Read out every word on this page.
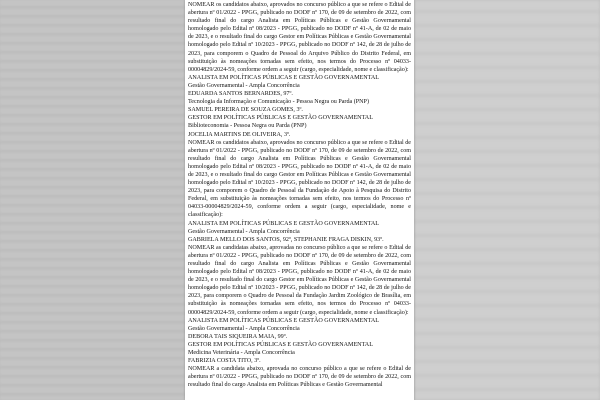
NOMEAR os candidatos abaixo, aprovados no concurso público a que se refere o Edital de abertura nº 01/2022 - PPGG, publicado no DODF nº 170, de 09 de setembro de 2022, com resultado final do cargo Analista em Políticas Públicas e Gestão Governamental homologado pelo Edital nº 08/2023 - PPGG, publicado no DODF nº 41-A, de 02 de maio de 2023, e o resultado final do cargo Gestor em Políticas Públicas e Gestão Governamental homologado pelo Edital nº 10/2023 - PPGG, publicado no DODF nº 142, de 28 de julho de 2023, para comporem o Quadro de Pessoal do Arquivo Público do Distrito Federal, em substituição às nomeações tornadas sem efeito, nos termos do Processo nº 04033-00004829/2024-59, conforme ordem a seguir (cargo, especialidade, nome e classificação):

ANALISTA EM POLÍTICAS PÚBLICAS E GESTÃO GOVERNAMENTAL

Gestão Governamental - Ampla Concorrência

EDUARDA SANTOS BERNARDES, 97º.

Tecnologia da Informação e Comunicação - Pessoa Negra ou Parda (PNP)

SAMUEL PEREIRA DE SOUZA GOMES, 3º.

GESTOR EM POLÍTICAS PÚBLICAS E GESTÃO GOVERNAMENTAL

Biblioteconomia - Pessoa Negra ou Parda (PNP)

JOCELIA MARTINS DE OLIVEIRA, 3º.

NOMEAR os candidatos abaixo, aprovados no concurso público a que se refere o Edital de abertura nº 01/2022 - PPGG, publicado no DODF nº 170, de 09 de setembro de 2022, com resultado final do cargo Analista em Políticas Públicas e Gestão Governamental homologado pelo Edital nº 08/2023 - PPGG, publicado no DODF nº 41-A, de 02 de maio de 2023, e o resultado final do cargo Gestor em Políticas Públicas e Gestão Governamental homologado pelo Edital nº 10/2023 - PPGG, publicado no DODF nº 142, de 28 de julho de 2023, para comporem o Quadro de Pessoal da Fundação de Apoio à Pesquisa do Distrito Federal, em substituição às nomeações tornadas sem efeito, nos termos do Processo nº 04033-00004829/2024-59, conforme ordem a seguir (cargo, especialidade, nome e classificação):

ANALISTA EM POLÍTICAS PÚBLICAS E GESTÃO GOVERNAMENTAL

Gestão Governamental - Ampla Concorrência

GABRIELA MELLO DOS SANTOS, 92º, STEPHANIE FRAGA DISKIN, 93º.

NOMEAR as candidatas abaixo, aprovadas no concurso público a que se refere o Edital de abertura nº 01/2022 - PPGG, publicado no DODF nº 170, de 09 de setembro de 2022, com resultado final do cargo Analista em Políticas Públicas e Gestão Governamental homologado pelo Edital nº 08/2023 - PPGG, publicado no DODF nº 41-A, de 02 de maio de 2023, e o resultado final do cargo Gestor em Políticas Públicas e Gestão Governamental homologado pelo Edital nº 10/2023 - PPGG, publicado no DODF nº 142, de 28 de julho de 2023, para comporem o Quadro de Pessoal da Fundação Jardim Zoológico de Brasília, em substituição às nomeações tornadas sem efeito, nos termos do Processo nº 04033-00004829/2024-59, conforme ordem a seguir (cargo, especialidade, nome e classificação):

ANALISTA EM POLÍTICAS PÚBLICAS E GESTÃO GOVERNAMENTAL

Gestão Governamental - Ampla Concorrência

DEBORA TAIS SIQUEIRA MAIA, 99º.

GESTOR EM POLÍTICAS PÚBLICAS E GESTÃO GOVERNAMENTAL

Medicina Veterinária - Ampla Concorrência

FABRIZIA COSTA TITO, 3º.

NOMEAR a candidata abaixo, aprovada no concurso público a que se refere o Edital de abertura nº 01/2022 - PPGG, publicado no DODF nº 170, de 09 de setembro de 2022, com resultado final do cargo Analista em Políticas Públicas e Gestão Governamental
